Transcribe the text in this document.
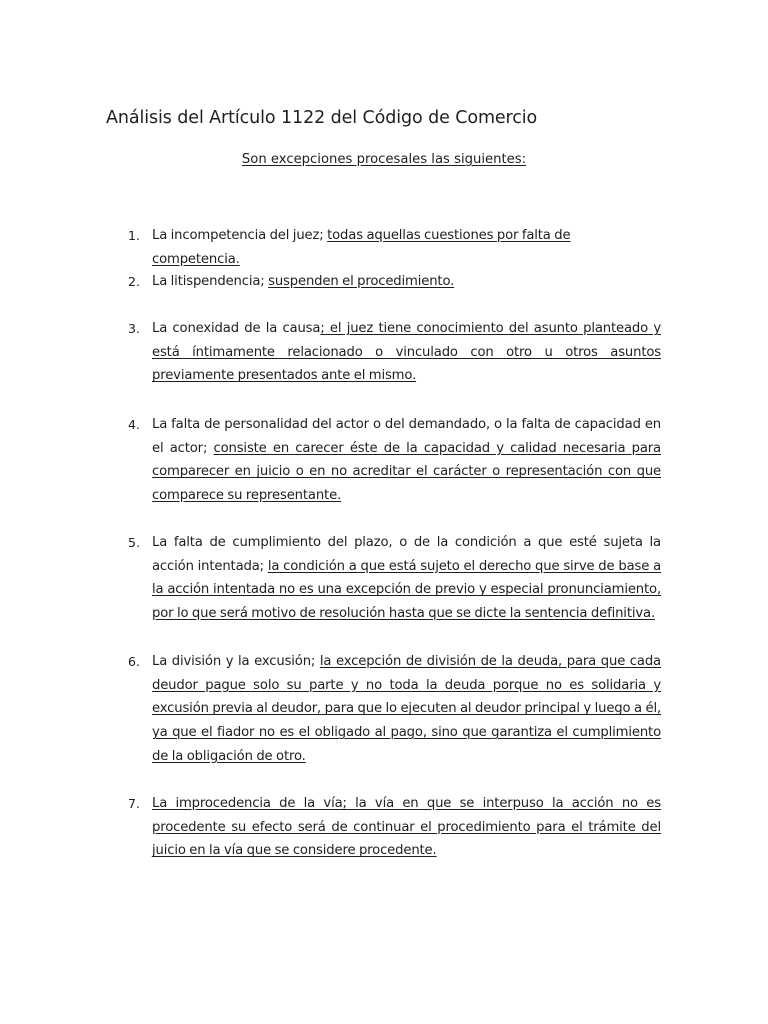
Análisis del Artículo 1122 del Código de Comercio
Son excepciones procesales las siguientes:
1. La incompetencia del juez; todas aquellas cuestiones por falta de competencia.
2. La litispendencia; suspenden el procedimiento.
3. La conexidad de la causa; el juez tiene conocimiento del asunto planteado y está íntimamente relacionado o vinculado con otro u otros asuntos previamente presentados ante el mismo.
4. La falta de personalidad del actor o del demandado, o la falta de capacidad en el actor; consiste en carecer éste de la capacidad y calidad necesaria para comparecer en juicio o en no acreditar el carácter o representación con que comparece su representante.
5. La falta de cumplimiento del plazo, o de la condición a que esté sujeta la acción intentada; la condición a que está sujeto el derecho que sirve de base a la acción intentada no es una excepción de previo y especial pronunciamiento, por lo que será motivo de resolución hasta que se dicte la sentencia definitiva.
6. La división y la excusión; la excepción de división de la deuda, para que cada deudor pague solo su parte y no toda la deuda porque no es solidaria y excusión previa al deudor, para que lo ejecuten al deudor principal y luego a él, ya que el fiador no es el obligado al pago, sino que garantiza el cumplimiento de la obligación de otro.
7. La improcedencia de la vía; la vía en que se interpuso la acción no es procedente su efecto será de continuar el procedimiento para el trámite del juicio en la vía que se considere procedente.
